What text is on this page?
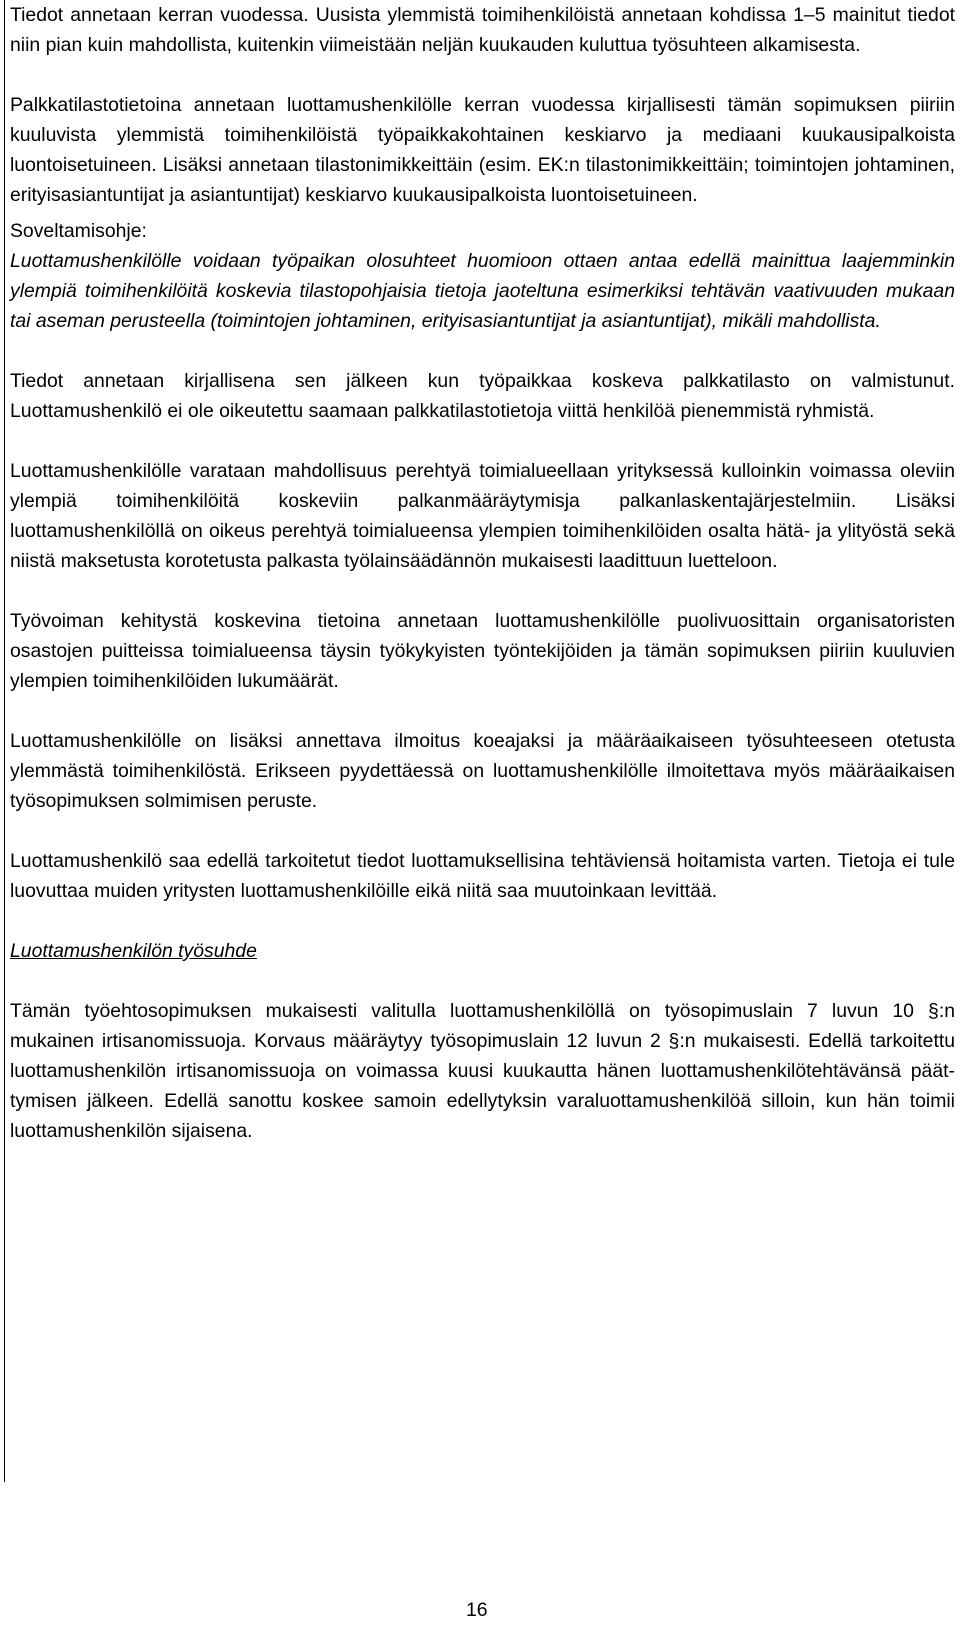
Tiedot annetaan kerran vuodessa. Uusista ylemmistä toimihenkilöistä annetaan kohdissa 1–5 mainitut tiedot niin pian kuin mahdollista, kuitenkin viimeistään neljän kuukauden kuluttua työsuhteen alkamisesta.

Palkkatilastotietoina annetaan luottamushenkilölle kerran vuodessa kirjallisesti tämän sopimuksen piiriin kuuluvista ylemmistä toimihenkilöistä työpaikkakohtainen keskiarvo ja mediaani kuukausipalkoista luontoisetuineen. Lisäksi annetaan tilastonimikkeittäin (esim. EK:n tilastonimikkeittäin; toimintojen johtaminen, erityisasiantuntijat ja asiantuntijat) keskiarvo kuukausipalkoista luontoisetuineen.

Soveltamisohje:

Luottamushenkilölle voidaan työpaikan olosuhteet huomioon ottaen antaa edellä mainittua laajemminkin ylempiä toimihenkilöitä koskevia tilastopohjaisia tietoja jaoteltuna esimerkiksi tehtävän vaativuuden mukaan tai aseman perusteella (toimintojen johtaminen, erityisasiantuntijat ja asiantuntijat), mikäli mahdollista.

Tiedot annetaan kirjallisena sen jälkeen kun työpaikkaa koskeva palkkatilasto on valmistunut. Luottamushenkilö ei ole oikeutettu saamaan palkkatilastotietoja viittä henkilöä pienemmistä ryhmistä.

Luottamushenkilölle varataan mahdollisuus perehtyä toimialueellaan yrityksessä kulloinkin voimassa oleviin ylempiä toimihenkilöitä koskeviin palkanmääräytymisja palkanlaskentajärjestelmiin. Lisäksi luottamushenkilöllä on oikeus perehtyä toimialueensa ylempien toimihenkilöiden osalta hätä- ja ylityöstä sekä niistä maksetusta korotetusta palkasta työlainsäädännön mukaisesti laadittuun luetteloon.

Työvoiman kehitystä koskevina tietoina annetaan luottamushenkilölle puolivuosittain organisatoristen osastojen puitteissa toimialueensa täysin työkykyisten työntekijöiden ja tämän sopimuksen piiriin kuuluvien ylempien toimihenkilöiden lukumäärät.

Luottamushenkilölle on lisäksi annettava ilmoitus koeajaksi ja määräaikaiseen työsuhteeseen otetusta ylemmästä toimihenkilöstä. Erikseen pyydettäessä on luottamushenkilölle ilmoitettava myös määräaikaisen työsopimuksen solmimisen peruste.

Luottamushenkilö saa edellä tarkoitetut tiedot luottamuksellisina tehtäviensä hoitamista varten. Tietoja ei tule luovuttaa muiden yritysten luottamushenkilöille eikä niitä saa muutoinkaan levittää.

Luottamushenkilön työsuhde

Tämän työehtosopimuksen mukaisesti valitulla luottamushenkilöllä on työsopimuslain 7 luvun 10 §:n mukainen irtisanomissuoja. Korvaus määräytyy työsopimuslain 12 luvun 2 §:n mukaisesti. Edellä tarkoitettu luottamushenkilön irtisanomissuoja on voimassa kuusi kuukautta hänen luottamushenkilötehtävänsä päättymisen jälkeen. Edellä sanottu koskee samoin edellytyksin varaluottamushenkilöä silloin, kun hän toimii luottamushenkilön sijaisena.

16
